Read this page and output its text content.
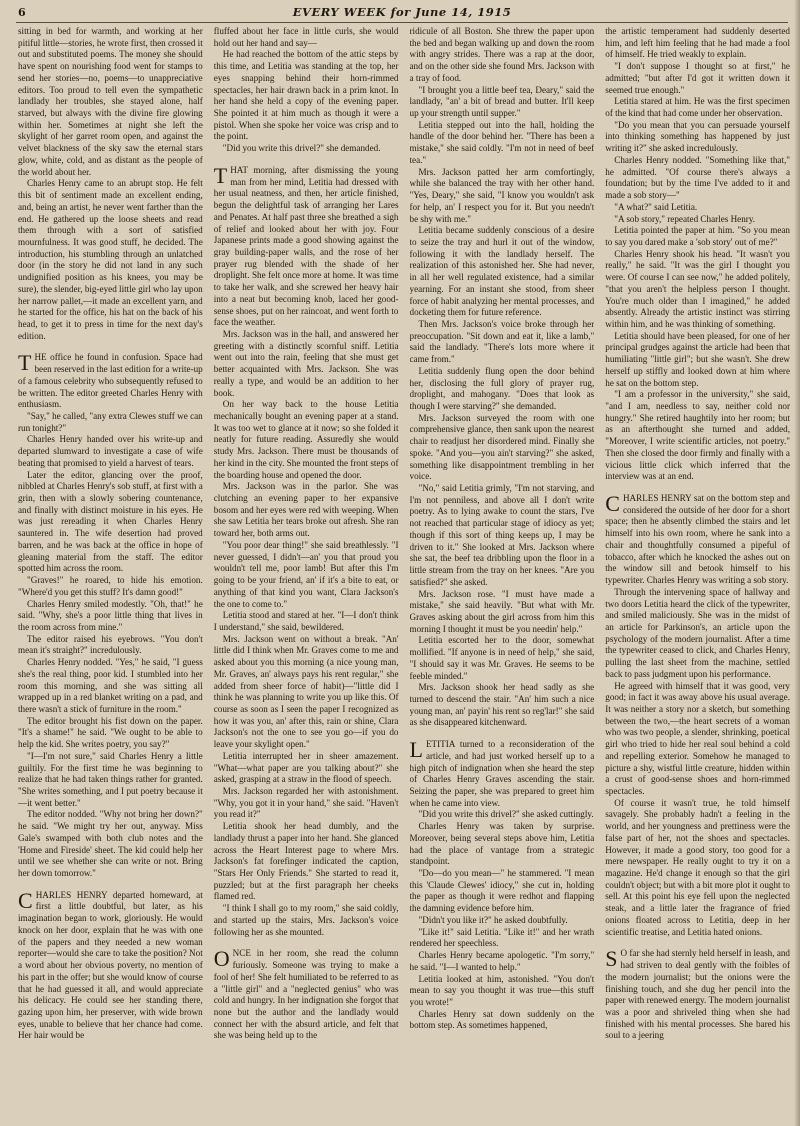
6	EVERY WEEK for June 14, 1915

sitting in bed for warmth, and working at her pitiful little—stories, he wrote first, then crossed it out and substituted poems. The money she should have spent on nourishing food went for stamps to send her stories—no, poems—to unappreciative editors. Too proud to tell even the sympathetic landlady her troubles, she stayed alone, half starved, but always with the divine fire glowing within her. Sometimes at night she left the skylight of her garret room open, and against the velvet blackness of the sky saw the eternal stars glow, white, cold, and as distant as the people of the world about her.

Charles Henry came to an abrupt stop. He felt this bit of sentiment made an excellent ending, and, being an artist, he never went farther than the end. He gathered up the loose sheets and read them through with a sort of satisfied mournfulness. It was good stuff, he decided. The introduction, his stumbling through an unlatched door (in the story he did not land in any such undignified position as his knees, you may be sure), the slender, big-eyed little girl who lay upon her narrow pallet,—it made an excellent yarn, and he started for the office, his hat on the back of his head, to get it to press in time for the next day's edition.

THE office he found in confusion. Space had been reserved in the last edition for a write-up of a famous celebrity who subsequently refused to be written. The editor greeted Charles Henry with enthusiasm.

"Say," he called, "any extra Clewes stuff we can run tonight?"

Charles Henry handed over his write-up and departed slumward to investigate a case of wife beating that promised to yield a harvest of tears.

Later the editor, glancing over the proof, nibbled at Charles Henry's sob stuff, at first with a grin, then with a slowly sobering countenance, and finally with distinct moisture in his eyes. He was just rereading it when Charles Henry sauntered in. The wife desertion had proved barren, and he was back at the office in hope of gleaning material from the staff. The editor spotted him across the room.

"Graves!" he roared, to hide his emotion. "Where'd you get this stuff? It's damn good!"

Charles Henry smiled modestly. "Oh, that!" he said. "Why, she's a poor little thing that lives in the room across from mine."

The editor raised his eyebrows. "You don't mean it's straight?" incredulously.

Charles Henry nodded. "Yes," he said, "I guess she's the real thing, poor kid. I stumbled into her room this morning, and she was sitting all wrapped up in a red blanket writing on a pad, and there wasn't a stick of furniture in the room."

The editor brought his fist down on the paper. "It's a shame!" he said. "We ought to be able to help the kid. She writes poetry, you say?"

"I—I'm not sure," said Charles Henry a little guiltily. For the first time he was beginning to realize that he had taken things rather for granted. "She writes something, and I put poetry because it—it went better."

The editor nodded. "Why not bring her down?" he said. "We might try her out, anyway. Miss Gale's swamped with both club notes and the 'Home and Fireside' sheet. The kid could help her until we see whether she can write or not. Bring her down tomorrow."

CHARLES HENRY departed homeward, at first a little doubtful, but later, as his imagination began to work, gloriously. He would knock on her door, explain that he was with one of the papers and they needed a new woman reporter—would she care to take the position? Not a word about her obvious poverty, no mention of his part in the offer; but she would know of course that he had guessed it all, and would appreciate his delicacy. He could see her standing there, gazing upon him, her preserver, with wide brown eyes, unable to believe that her chance had come. Her hair would be

fluffed about her face in little curls, she would hold out her hand and say—

He had reached the bottom of the attic steps by this time, and Letitia was standing at the top, her eyes snapping behind their horn-rimmed spectacles, her hair drawn back in a prim knot. In her hand she held a copy of the evening paper. She pointed it at him much as though it were a pistol. When she spoke her voice was crisp and to the point.

"Did you write this drivel?" she demanded.

THAT morning, after dismissing the young man from her mind, Letitia had dressed with her usual neatness, and then, her article finished, begun the delightful task of arranging her Lares and Penates. At half past three she breathed a sigh of relief and looked about her with joy. Four Japanese prints made a good showing against the gray building-paper walls, and the rose of her prayer rug blended with the shade of her droplight. She felt once more at home. It was time to take her walk, and she screwed her heavy hair into a neat but becoming knob, laced her good-sense shoes, put on her raincoat, and went forth to face the weather.

Mrs. Jackson was in the hall, and answered her greeting with a distinctly scornful sniff. Letitia went out into the rain, feeling that she must get better acquainted with Mrs. Jackson. She was really a type, and would be an addition to her book.

On her way back to the house Letitia mechanically bought an evening paper at a stand. It was too wet to glance at it now; so she folded it neatly for future reading. Assuredly she would study Mrs. Jackson. There must be thousands of her kind in the city. She mounted the front steps of the boarding house and opened the door.

Mrs. Jackson was in the parlor. She was clutching an evening paper to her expansive bosom and her eyes were red with weeping. When she saw Letitia her tears broke out afresh. She ran toward her, both arms out.

"You poor dear thing!" she said breathlessly. "I never guessed, I didn't—an' you that proud you wouldn't tell me, poor lamb! But after this I'm going to be your friend, an' if it's a bite to eat, or anything of that kind you want, Clara Jackson's the one to come to."

Letitia stood and stared at her. "I—I don't think I understand," she said, bewildered.

Mrs. Jackson went on without a break. "An' little did I think when Mr. Graves come to me and asked about you this morning (a nice young man, Mr. Graves, an' always pays his rent regular," she added from sheer force of habit)—"little did I think he was planning to write you up like this. Of course as soon as I seen the paper I recognized as how it was you, an' after this, rain or shine, Clara Jackson's not the one to see you go—if you do leave your skylight open."

Letitia interrupted her in sheer amazement. "What—what paper are you talking about?" she asked, grasping at a straw in the flood of speech.

Mrs. Jackson regarded her with astonishment. "Why, you got it in your hand," she said. "Haven't you read it?"

Letitia shook her head dumbly, and the landlady thrust a paper into her hand. She glanced across the Heart Interest page to where Mrs. Jackson's fat forefinger indicated the caption, "Stars Her Only Friends." She started to read it, puzzled; but at the first paragraph her cheeks flamed red.

"I think I shall go to my room," she said coldly, and started up the stairs, Mrs. Jackson's voice following her as she mounted.

ONCE in her room, she read the column furiously. Someone was trying to make a fool of her! She felt humiliated to be referred to as a "little girl" and a "neglected genius" who was cold and hungry. In her indignation she forgot that none but the author and the landlady would connect her with the absurd article, and felt that she was being held up to the

ridicule of all Boston. She threw the paper upon the bed and began walking up and down the room with angry strides. There was a rap at the door, and on the other side she found Mrs. Jackson with a tray of food.

"I brought you a little beef tea, Deary," said the landlady, "an' a bit of bread and butter. It'll keep up your strength until supper."

Letitia stepped out into the hall, holding the handle of the door behind her. "There has been a mistake," she said coldly. "I'm not in need of beef tea."

Mrs. Jackson patted her arm comfortingly, while she balanced the tray with her other hand. "Yes, Deary," she said, "I know you wouldn't ask for help, an' I respect you for it. But you needn't be shy with me."

Letitia became suddenly conscious of a desire to seize the tray and hurl it out of the window, following it with the landlady herself. The realization of this astonished her. She had never, in all her well regulated existence, had a similar yearning. For an instant she stood, from sheer force of habit analyzing her mental processes, and docketing them for future reference.

Then Mrs. Jackson's voice broke through her preoccupation. "Sit down and eat it, like a lamb," said the landlady. "There's lots more where it came from."

Letitia suddenly flung open the door behind her, disclosing the full glory of prayer rug, droplight, and mahogany. "Does that look as though I were starving?" she demanded.

Mrs. Jackson surveyed the room with one comprehensive glance, then sank upon the nearest chair to readjust her disordered mind. Finally she spoke. "And you—you ain't starving?" she asked, something like disappointment trembling in her voice.

"No," said Letitia grimly, "I'm not starving, and I'm not penniless, and above all I don't write poetry. As to lying awake to count the stars, I've not reached that particular stage of idiocy as yet; though if this sort of thing keeps up, I may be driven to it." She looked at Mrs. Jackson where she sat, the beef tea dribbling upon the floor in a little stream from the tray on her knees. "Are you satisfied?" she asked.

Mrs. Jackson rose. "I must have made a mistake," she said heavily. "But what with Mr. Graves asking about the girl across from him this morning I thought it must be you needin' help."

Letitia escorted her to the door, somewhat mollified. "If anyone is in need of help," she said, "I should say it was Mr. Graves. He seems to be feeble minded."

Mrs. Jackson shook her head sadly as she turned to descend the stair. "An' him such a nice young man, an' payin' his rent so reg'lar!" she said as she disappeared kitchenward.

LETITIA turned to a reconsideration of the article, and had just worked herself up to a high pitch of indignation when she heard the step of Charles Henry Graves ascending the stair. Seizing the paper, she was prepared to greet him when he came into view.

"Did you write this drivel?" she asked cuttingly.

Charles Henry was taken by surprise. Moreover, being several steps above him, Letitia had the place of vantage from a strategic standpoint.

"Do—do you mean—" he stammered. "I mean this 'Claude Clewes' idiocy," she cut in, holding the paper as though it were redhot and flapping the damning evidence before him.

"Didn't you like it?" he asked doubtfully.

"Like it!" said Letitia. "Like it!" and her wrath rendered her speechless.

Charles Henry became apologetic. "I'm sorry," he said. "I—I wanted to help."

Letitia looked at him, astonished. "You don't mean to say you thought it was true—this stuff you wrote!"

Charles Henry sat down suddenly on the bottom step. As sometimes happened,

the artistic temperament had suddenly deserted him, and left him feeling that he had made a fool of himself. He tried weakly to explain.

"I don't suppose I thought so at first," he admitted; "but after I'd got it written down it seemed true enough."

Letitia stared at him. He was the first specimen of the kind that had come under her observation.

"Do you mean that you can persuade yourself into thinking something has happened by just writing it?" she asked incredulously.

Charles Henry nodded. "Something like that," he admitted. "Of course there's always a foundation; but by the time I've added to it and made a sob story—"

"A what?" said Letitia.

"A sob story," repeated Charles Henry.

Letitia pointed the paper at him. "So you mean to say you dared make a 'sob story' out of me?"

Charles Henry shook his head. "It wasn't you really," he said. "It was the girl I thought you were. Of course I can see now," he added politely, "that you aren't the helpless person I thought. You're much older than I imagined," he added absently. Already the artistic instinct was stirring within him, and he was thinking of something.

Letitia should have been pleased, for one of her principal grudges against the article had been that humiliating "little girl"; but she wasn't. She drew herself up stiffly and looked down at him where he sat on the bottom step.

"I am a professor in the university," she said, "and I am, needless to say, neither cold nor hungry." She retired haughtily into her room; but as an afterthought she turned and added, "Moreover, I write scientific articles, not poetry." Then she closed the door firmly and finally with a vicious little click which inferred that the interview was at an end.

CHARLES HENRY sat on the bottom step and considered the outside of her door for a short space; then he absently climbed the stairs and let himself into his own room, where he sank into a chair and thoughtfully consumed a pipeful of tobacco, after which he knocked the ashes out on the window sill and betook himself to his typewriter. Charles Henry was writing a sob story.

Through the intervening space of hallway and two doors Letitia heard the click of the typewriter, and smiled maliciously. She was in the midst of an article for Parkinson's, an article upon the psychology of the modern journalist. After a time the typewriter ceased to click, and Charles Henry, pulling the last sheet from the machine, settled back to pass judgment upon his performance.

He agreed with himself that it was good, very good; in fact it was away above his usual average. It was neither a story nor a sketch, but something between the two,—the heart secrets of a woman who was two people, a slender, shrinking, poetical girl who tried to hide her real soul behind a cold and repelling exterior. Somehow he managed to picture a shy, wistful little creature, hidden within a crust of good-sense shoes and horn-rimmed spectacles.

Of course it wasn't true, he told himself savagely. She probably hadn't a feeling in the world, and her youngness and prettiness were the false part of her, not the shoes and spectacles. However, it made a good story, too good for a mere newspaper. He really ought to try it on a magazine. He'd change it enough so that the girl couldn't object; but with a bit more plot it ought to sell. At this point his eye fell upon the neglected steak, and a little later the fragrance of fried onions floated across to Letitia, deep in her scientific treatise, and Letitia hated onions.

SO far she had sternly held herself in leash, and had striven to deal gently with the foibles of the modern journalist; but the onions were the finishing touch, and she dug her pencil into the paper with renewed energy. The modern journalist was a poor and shriveled thing when she had finished with his mental processes. She bared his soul to a jeering
